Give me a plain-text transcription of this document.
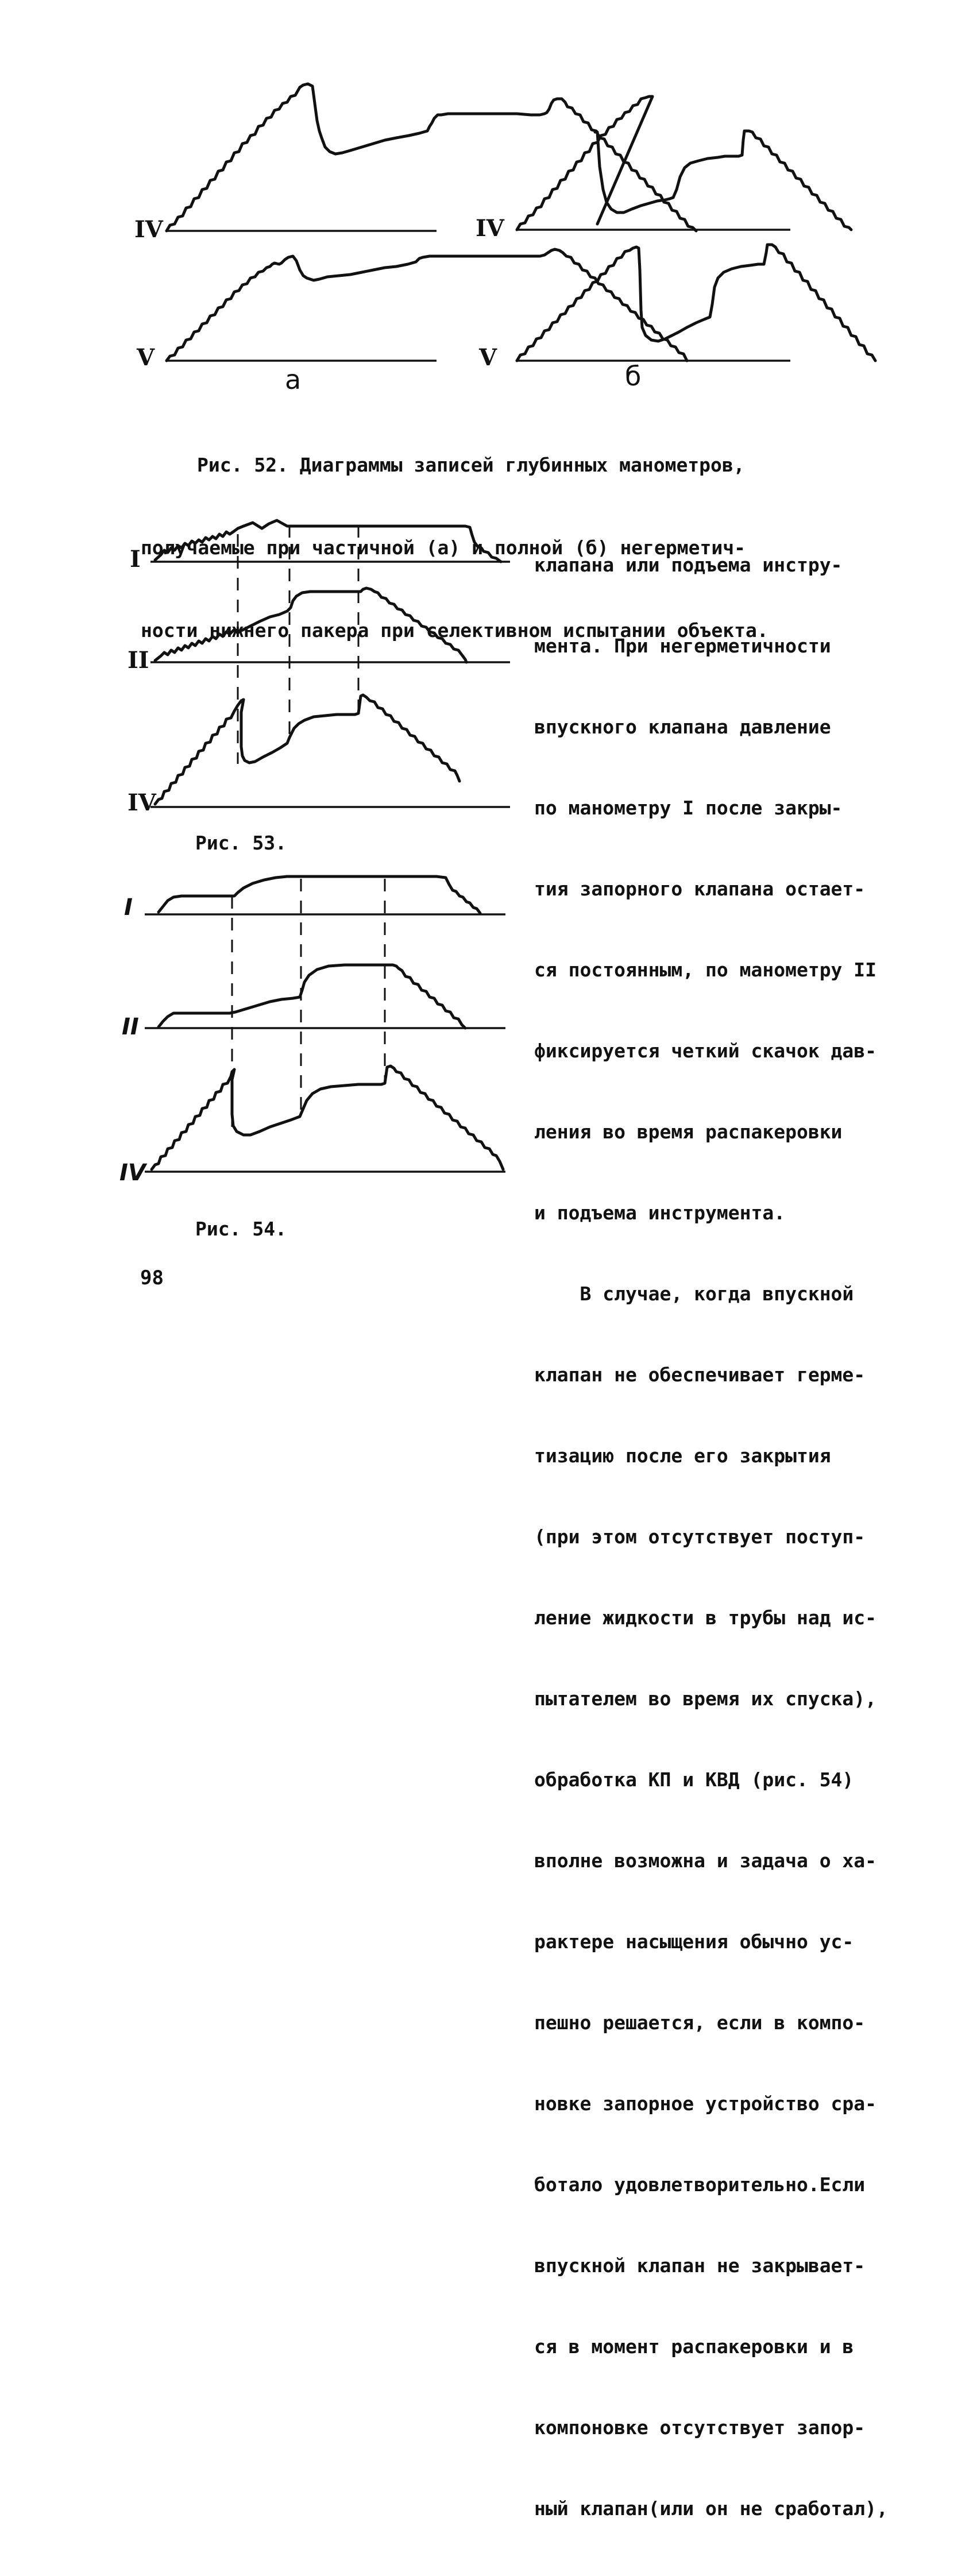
IV
V
IV
V
а	б

Рис. 52. Диаграммы записей глубинных манометров,

получаемые при частичной (а) и полной (б) негерметич-

ности нижнего пакера при селективном испытании объекта.

I
II
IV
Рис. 53.
I
II
IV
Рис. 54.

клапана или подъема инстру-

мента. При негерметичности

впускного клапана давление

по манометру I после закры-

тия запорного клапана остает-

ся постоянным, по манометру II

фиксируется четкий скачок дав-

ления во время распакеровки

и подъема инструмента.

В случае, когда впускной

клапан не обеспечивает герме-

тизацию после его закрытия

(при этом отсутствует поступ-

ление жидкости в трубы над ис-

пытателем во время их спуска),

обработка КП и КВД (рис. 54)

вполне возможна и задача о ха-

рактере насыщения обычно ус-

пешно решается, если в компо-

новке запорное устройство сра-

ботало удовлетворительно.Если

впускной клапан не закрывает-

ся в момент распакеровки и в

компоновке отсутствует запор-

ный клапан(или он не сработал),

98
